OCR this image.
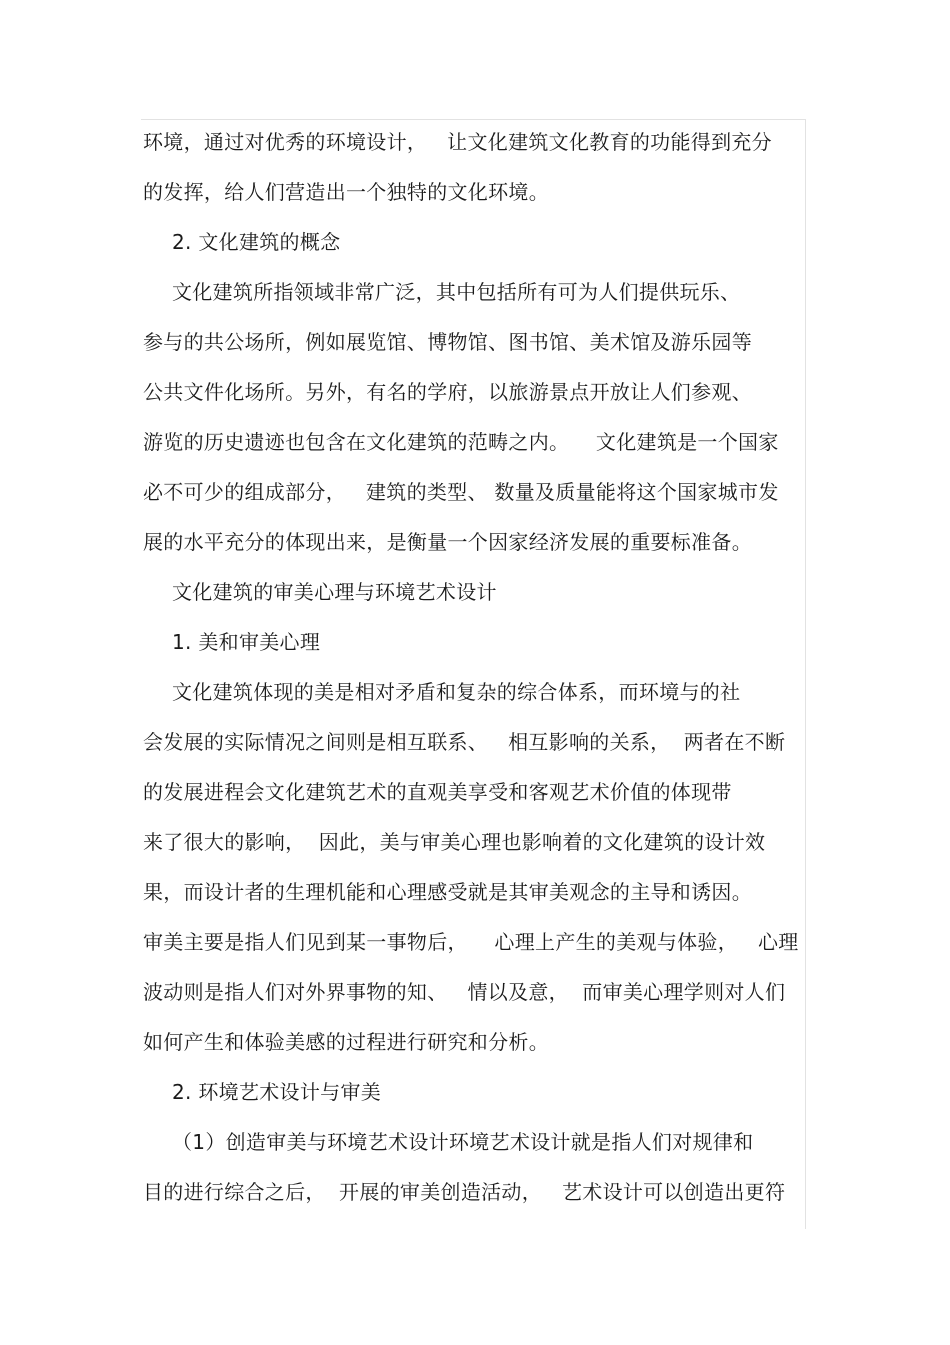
环境，通过对优秀的环境设计，   让文化建筑文化教育的功能得到充分
的发挥，给人们营造出一个独特的文化环境。
2. 文化建筑的概念
文化建筑所指领域非常广泛，其中包括所有可为人们提供玩乐、
参与的共公场所，例如展览馆、博物馆、图书馆、美术馆及游乐园等
公共文件化场所。另外，有名的学府，以旅游景点开放让人们参观、
游览的历史遗迹也包含在文化建筑的范畴之内。    文化建筑是一个国家
必不可少的组成部分，   建筑的类型、 数量及质量能将这个国家城市发
展的水平充分的体现出来，是衡量一个因家经济发展的重要标准备。
文化建筑的审美心理与环境艺术设计
1. 美和审美心理
文化建筑体现的美是相对矛盾和复杂的综合体系，而环境与的社
会发展的实际情况之间则是相互联系、   相互影响的关系，  两者在不断
的发展进程会文化建筑艺术的直观美享受和客观艺术价值的体现带
来了很大的影响，  因此，美与审美心理也影响着的文化建筑的设计效
果，而设计者的生理机能和心理感受就是其审美观念的主导和诱因。
审美主要是指人们见到某一事物后，    心理上产生的美观与体验，   心理
波动则是指人们对外界事物的知、   情以及意，  而审美心理学则对人们
如何产生和体验美感的过程进行研究和分析。
2. 环境艺术设计与审美
（1）创造审美与环境艺术设计环境艺术设计就是指人们对规律和
目的进行综合之后，  开展的审美创造活动，   艺术设计可以创造出更符
